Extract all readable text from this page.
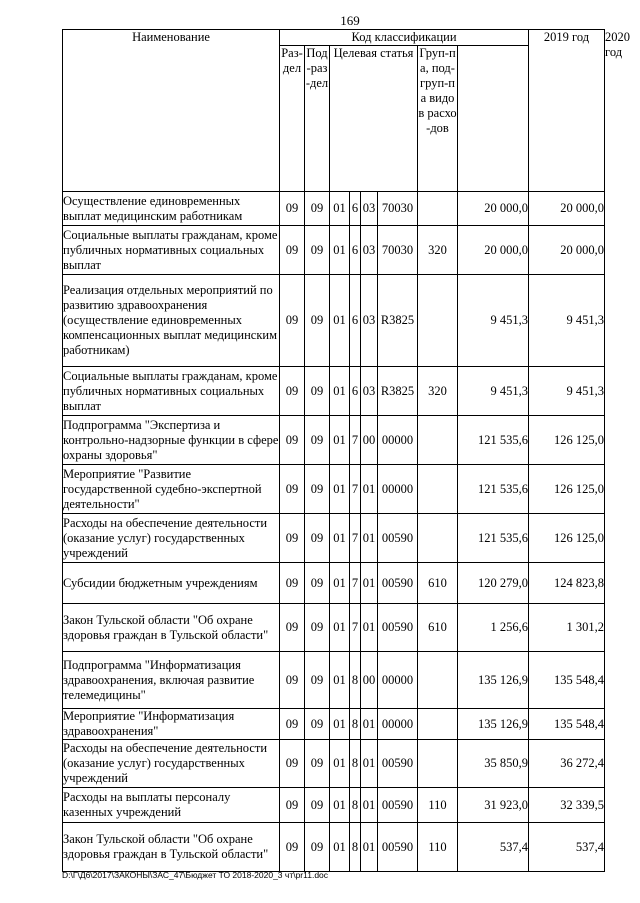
169
Наименование	Код классификации								2019 год	2020 год

	Раз-дел	Под-раз-дел	Целевая статья				Груп-па, под-груп-па видов расхо-дов			

Осуществление единовременных выплат медицинским работникам	09	09	01	6	03	70030		20 000,0	20 000,0	
Социальные выплаты гражданам, кроме публичных нормативных социальных выплат	09	09	01	6	03	70030	320	20 000,0	20 000,0	
Реализация отдельных мероприятий по развитию здравоохранения (осуществление единовременных компенсационных выплат медицинским работникам)	09	09	01	6	03	R3825		9 451,3	9 451,3	
Социальные выплаты гражданам, кроме публичных нормативных социальных выплат	09	09	01	6	03	R3825	320	9 451,3	9 451,3	
Подпрограмма "Экспертиза и контрольно-надзорные функции в сфере охраны здоровья"	09	09	01	7	00	00000		121 535,6	126 125,0	
Мероприятие "Развитие государственной судебно-экспертной деятельности"	09	09	01	7	01	00000		121 535,6	126 125,0	
Расходы на обеспечение деятельности (оказание услуг) государственных учреждений	09	09	01	7	01	00590		121 535,6	126 125,0	
Субсидии бюджетным учреждениям	09	09	01	7	01	00590	610	120 279,0	124 823,8	
Закон Тульской области "Об охране здоровья граждан в Тульской области"	09	09	01	7	01	00590	610	1 256,6	1 301,2	
Подпрограмма "Информатизация здравоохранения, включая развитие телемедицины"	09	09	01	8	00	00000		135 126,9	135 548,4	
Мероприятие "Информатизация здравоохранения"	09	09	01	8	01	00000		135 126,9	135 548,4	
Расходы на обеспечение деятельности (оказание услуг) государственных учреждений	09	09	01	8	01	00590		35 850,9	36 272,4	
Расходы на выплаты персоналу казенных учреждений	09	09	01	8	01	00590	110	31 923,0	32 339,5	
Закон Тульской области "Об охране здоровья граждан в Тульской области"	09	09	01	8	01	00590	110	537,4	537,4	
D:\Г\Д6\2017\ЗАКОНЫ\ЗАС_47\Бюджет ТО 2018-2020_3 чт\pr11.doc
